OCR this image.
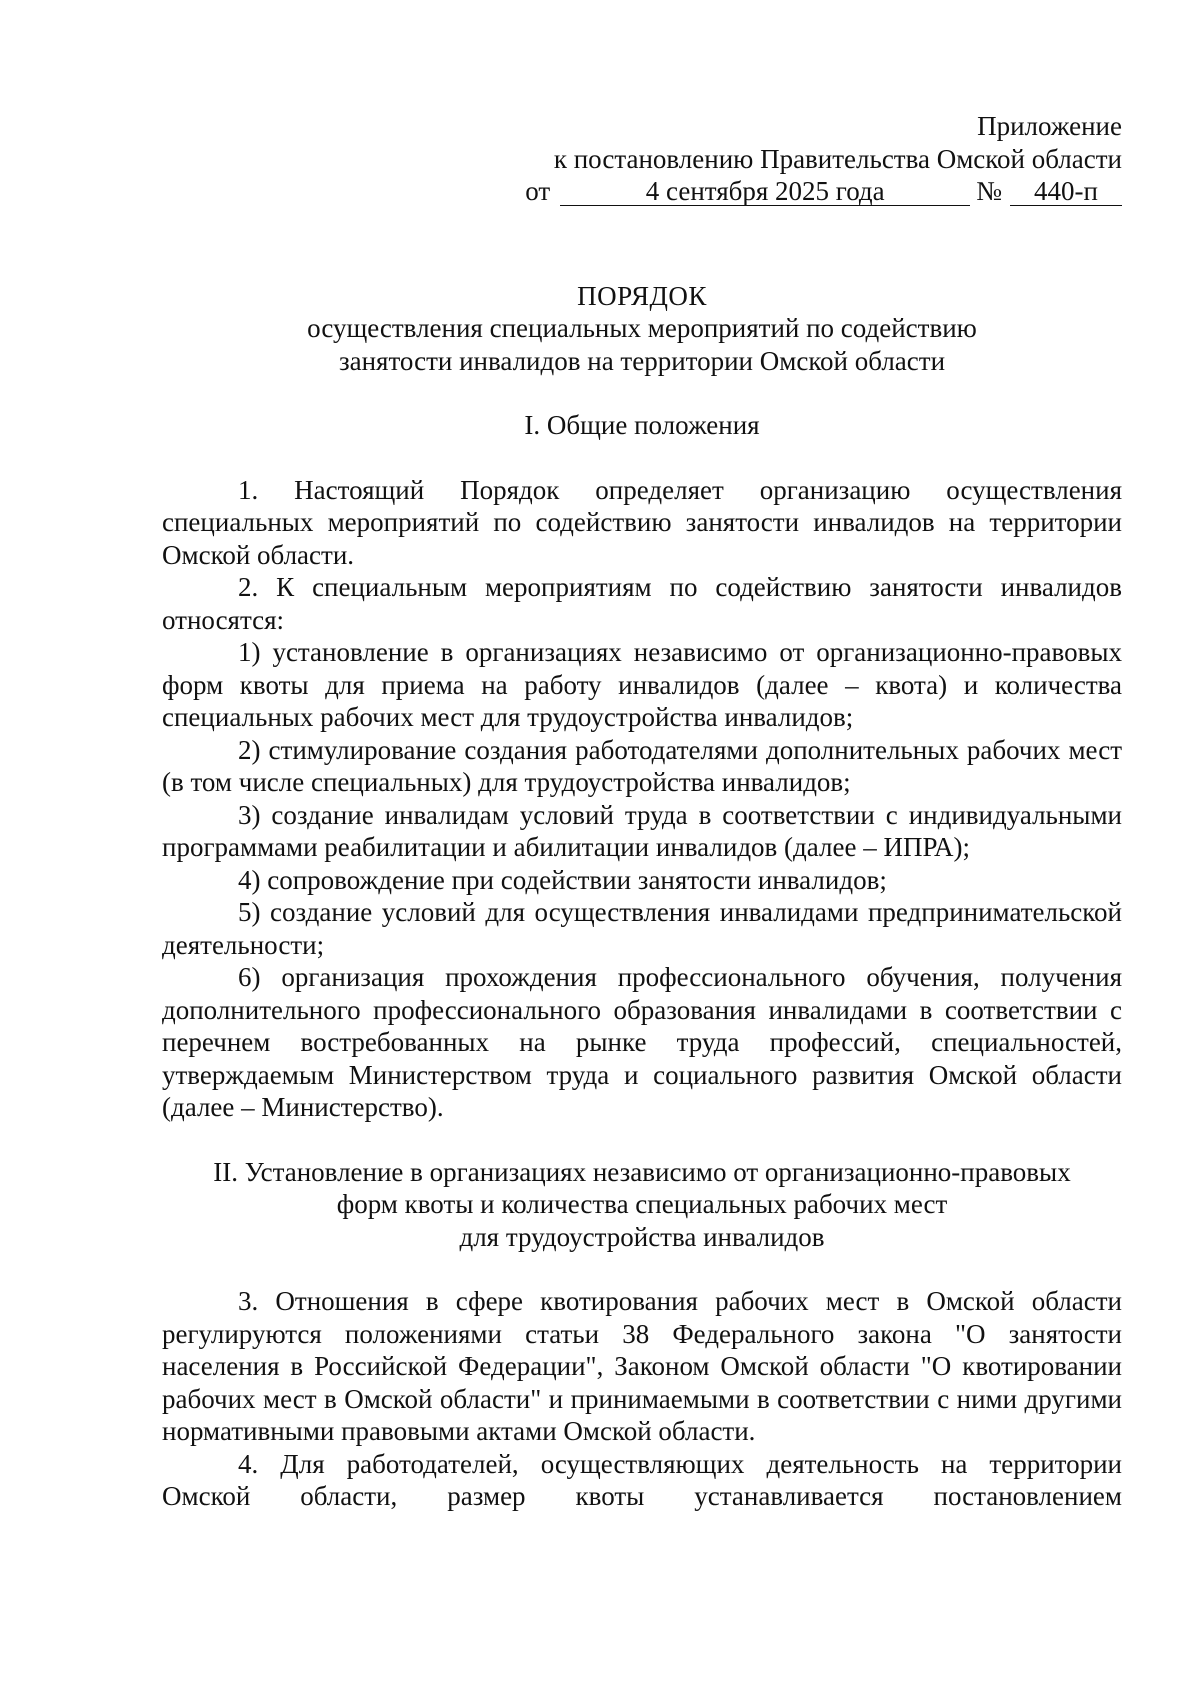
Приложение
к постановлению Правительства Омской области
от	4 сентября 2025 года	№	440-п
ПОРЯДОК
осуществления специальных мероприятий по содействию
занятости инвалидов на территории Омской области
I. Общие положения

1. Настоящий Порядок определяет организацию осуществления специальных мероприятий по содействию занятости инвалидов на территории Омской области.

2. К специальным мероприятиям по содействию занятости инвалидов относятся:

1) установление в организациях независимо от организационно-правовых форм квоты для приема на работу инвалидов (далее – квота) и количества специальных рабочих мест для трудоустройства инвалидов;

2) стимулирование создания работодателями дополнительных рабочих мест (в том числе специальных) для трудоустройства инвалидов;

3) создание инвалидам условий труда в соответствии с индивидуальными программами реабилитации и абилитации инвалидов (далее – ИПРА);

4) сопровождение при содействии занятости инвалидов;

5) создание условий для осуществления инвалидами предпринимательской деятельности;

6) организация прохождения профессионального обучения, получения дополнительного профессионального образования инвалидами в соответствии с перечнем востребованных на рынке труда профессий, специальностей, утверждаемым Министерством труда и социального развития Омской области (далее – Министерство).

II. Установление в организациях независимо от организационно-правовых
форм квоты и количества специальных рабочих мест
для трудоустройства инвалидов

3. Отношения в сфере квотирования рабочих мест в Омской области регулируются положениями статьи 38 Федерального закона "О занятости населения в Российской Федерации", Законом Омской области "О квотировании рабочих мест в Омской области" и принимаемыми в соответствии с ними другими нормативными правовыми актами Омской области.

4. Для работодателей, осуществляющих деятельность на территории Омской области, размер квоты устанавливается постановлением
